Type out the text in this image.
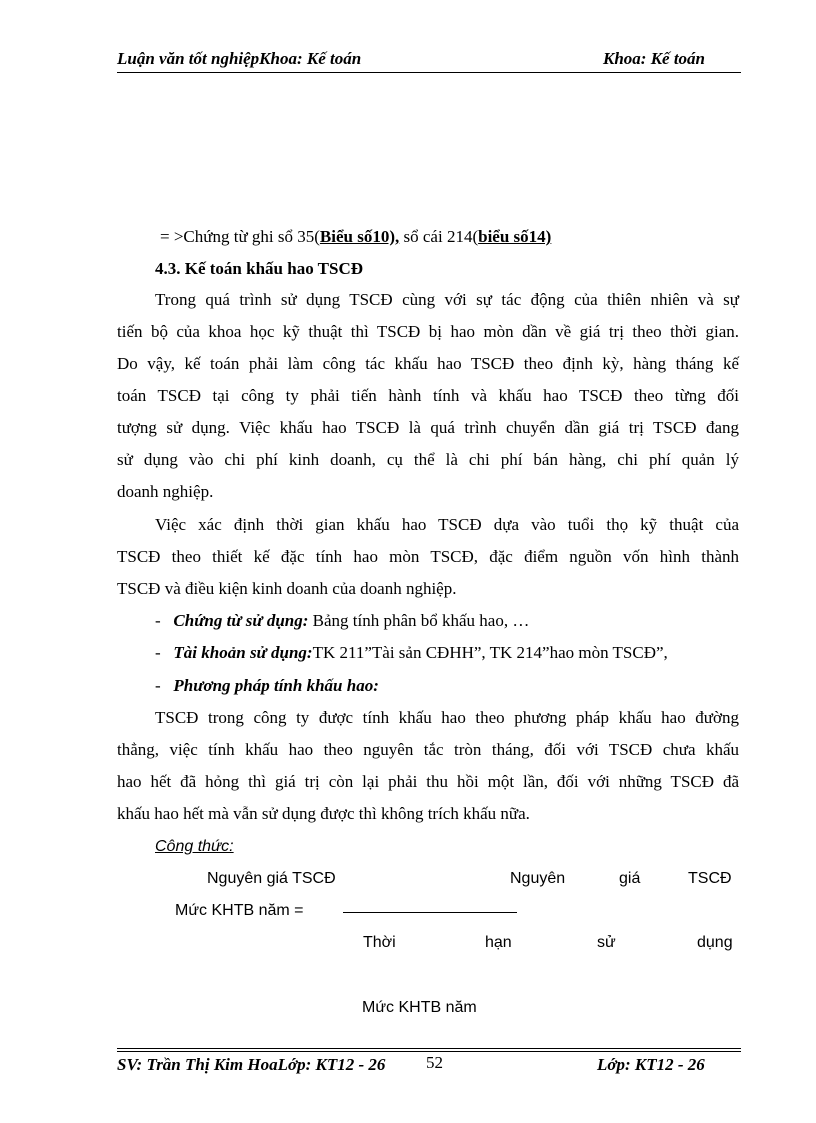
Luận văn tốt nghiệpKhoa: Kế toán	Khoa: Kế toán
= >Chứng từ ghi sổ 35(Biểu số10), sổ cái 214(biểu số14)
4.3. Kế toán khấu hao TSCĐ
Trong quá trình sử dụng TSCĐ cùng với sự tác động của thiên nhiên và sự
tiến bộ của khoa học kỹ thuật thì TSCĐ bị hao mòn dần về giá trị theo thời gian.
Do vậy, kế toán phải làm công tác khấu hao TSCĐ theo định kỳ, hàng tháng kế
toán TSCĐ tại công ty phải tiến hành tính và khấu hao TSCĐ theo từng đối
tượng sử dụng. Việc khấu hao TSCĐ là quá trình chuyển dần giá trị TSCĐ đang
sử dụng vào chi phí kinh doanh, cụ thể là chi phí bán hàng, chi phí quản lý
doanh nghiệp.
Việc xác định thời gian khấu hao TSCĐ dựa vào tuổi thọ kỹ thuật của
TSCĐ theo thiết kế đặc tính hao mòn TSCĐ, đặc điểm nguồn vốn hình thành
TSCĐ và điều kiện kinh doanh của doanh nghiệp.
- Chứng từ sử dụng: Bảng tính phân bổ khấu hao, …
- Tài khoản sử dụng:TK 211”Tài sản CĐHH”, TK 214”hao mòn TSCĐ”,
- Phương pháp tính khấu hao:
TSCĐ trong công ty được tính khấu hao theo phương pháp khấu hao đường
thẳng, việc tính khấu hao theo nguyên tắc tròn tháng, đối với TSCĐ chưa khấu
hao hết đã hỏng thì giá trị còn lại phải thu hồi một lần, đối với những TSCĐ đã
khấu hao hết mà vẫn sử dụng được thì không trích khấu nữa.
Công thức:
Nguyên giá TSCĐ	Nguyên	giá	TSCĐ
Mức KHTB năm =
Thời	hạn	sử	dụng
Mức KHTB năm
SV: Trần Thị Kim HoaLớp: KT12 - 26 52	Lớp: KT12 - 26
